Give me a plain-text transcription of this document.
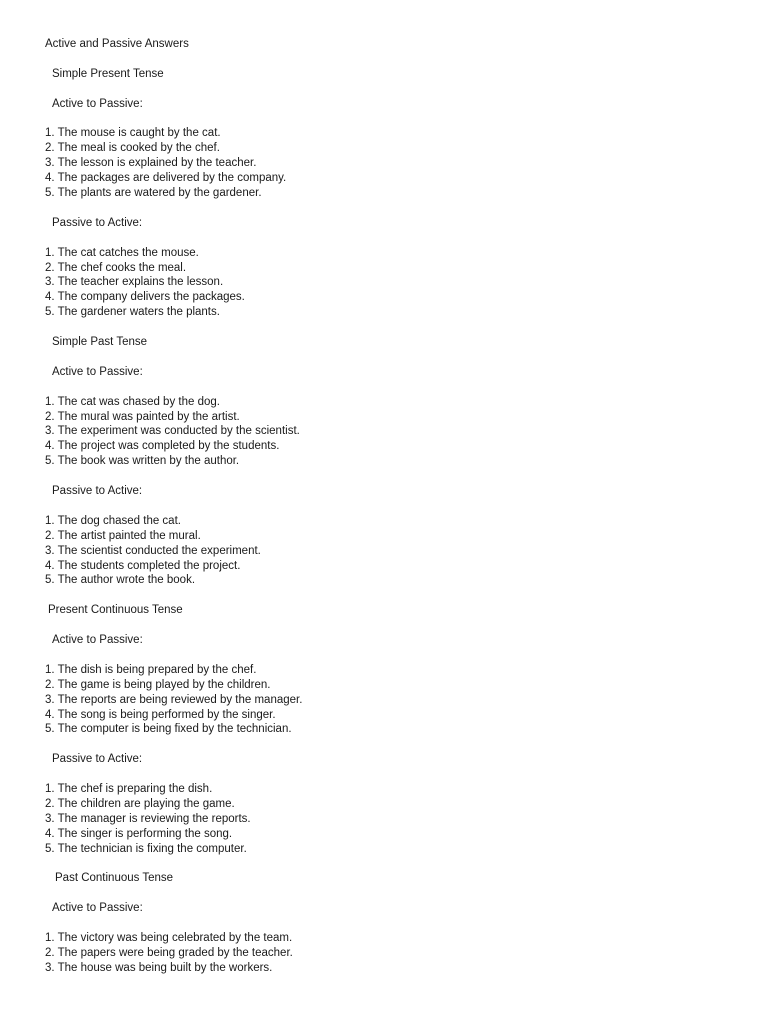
Active and Passive Answers
Simple Present Tense
Active to Passive:
1. The mouse is caught by the cat.
2. The meal is cooked by the chef.
3. The lesson is explained by the teacher.
4. The packages are delivered by the company.
5. The plants are watered by the gardener.
Passive to Active:
1. The cat catches the mouse.
2. The chef cooks the meal.
3. The teacher explains the lesson.
4. The company delivers the packages.
5. The gardener waters the plants.
Simple Past Tense
Active to Passive:
1. The cat was chased by the dog.
2. The mural was painted by the artist.
3. The experiment was conducted by the scientist.
4. The project was completed by the students.
5. The book was written by the author.
Passive to Active:
1. The dog chased the cat.
2. The artist painted the mural.
3. The scientist conducted the experiment.
4. The students completed the project.
5. The author wrote the book.
Present Continuous Tense
Active to Passive:
1. The dish is being prepared by the chef.
2. The game is being played by the children.
3. The reports are being reviewed by the manager.
4. The song is being performed by the singer.
5. The computer is being fixed by the technician.
Passive to Active:
1. The chef is preparing the dish.
2. The children are playing the game.
3. The manager is reviewing the reports.
4. The singer is performing the song.
5. The technician is fixing the computer.
Past Continuous Tense
Active to Passive:
1. The victory was being celebrated by the team.
2. The papers were being graded by the teacher.
3. The house was being built by the workers.
